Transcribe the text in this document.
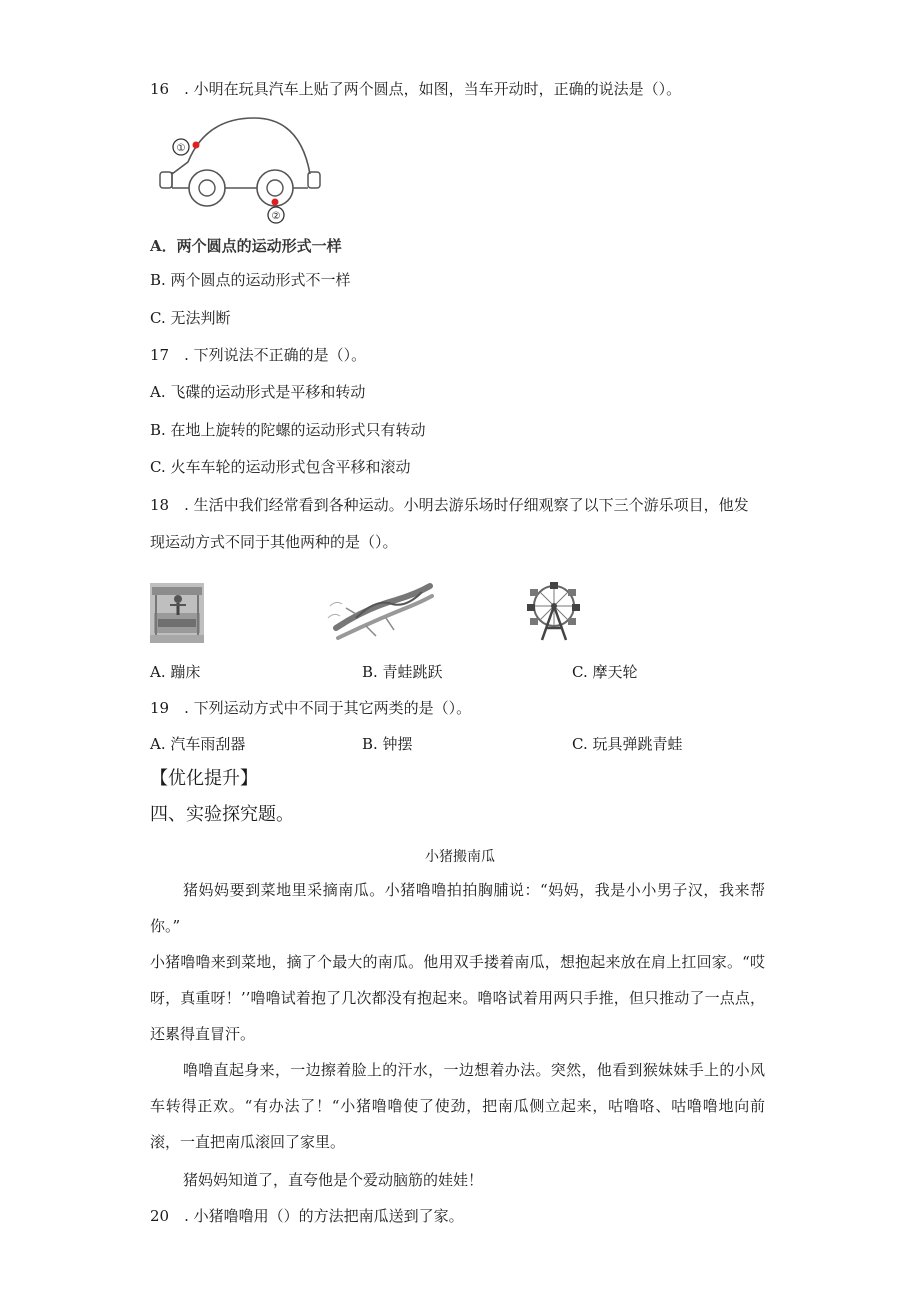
16　. 小明在玩具汽车上贴了两个圆点，如图，当车开动时，正确的说法是（）。
①
②
A．两个圆点的运动形式一样
B. 两个圆点的运动形式不一样
C. 无法判断
17　. 下列说法不正确的是（）。
A. 飞碟的运动形式是平移和转动
B. 在地上旋转的陀螺的运动形式只有转动
C. 火车车轮的运动形式包含平移和滚动
18　. 生活中我们经常看到各种运动。小明去游乐场时仔细观察了以下三个游乐项目，他发
现运动方式不同于其他两种的是（）。
A. 蹦床	B. 青蛙跳跃	C. 摩天轮
19　. 下列运动方式中不同于其它两类的是（）。
A. 汽车雨刮器	B. 钟摆	C. 玩具弹跳青蛙
【优化提升】
四、实验探究题。
小猪搬南瓜
猪妈妈要到菜地里采摘南瓜。小猪噜噜拍拍胸脯说：“妈妈，我是小小男子汉，我来帮你。”
小猪噜噜来到菜地，摘了个最大的南瓜。他用双手搂着南瓜，想抱起来放在肩上扛回家。“哎呀，真重呀！’’噜噜试着抱了几次都没有抱起来。噜咯试着用两只手推，但只推动了一点点，还累得直冒汗。
噜噜直起身来，一边擦着脸上的汗水，一边想着办法。突然，他看到猴妹妹手上的小风车转得正欢。“有办法了！“小猪噜噜使了使劲，把南瓜侧立起来，咕噜咯、咕噜噜地向前滚，一直把南瓜滚回了家里。
猪妈妈知道了，直夸他是个爱动脑筋的娃娃！
20　. 小猪噜噜用（）的方法把南瓜送到了家。
